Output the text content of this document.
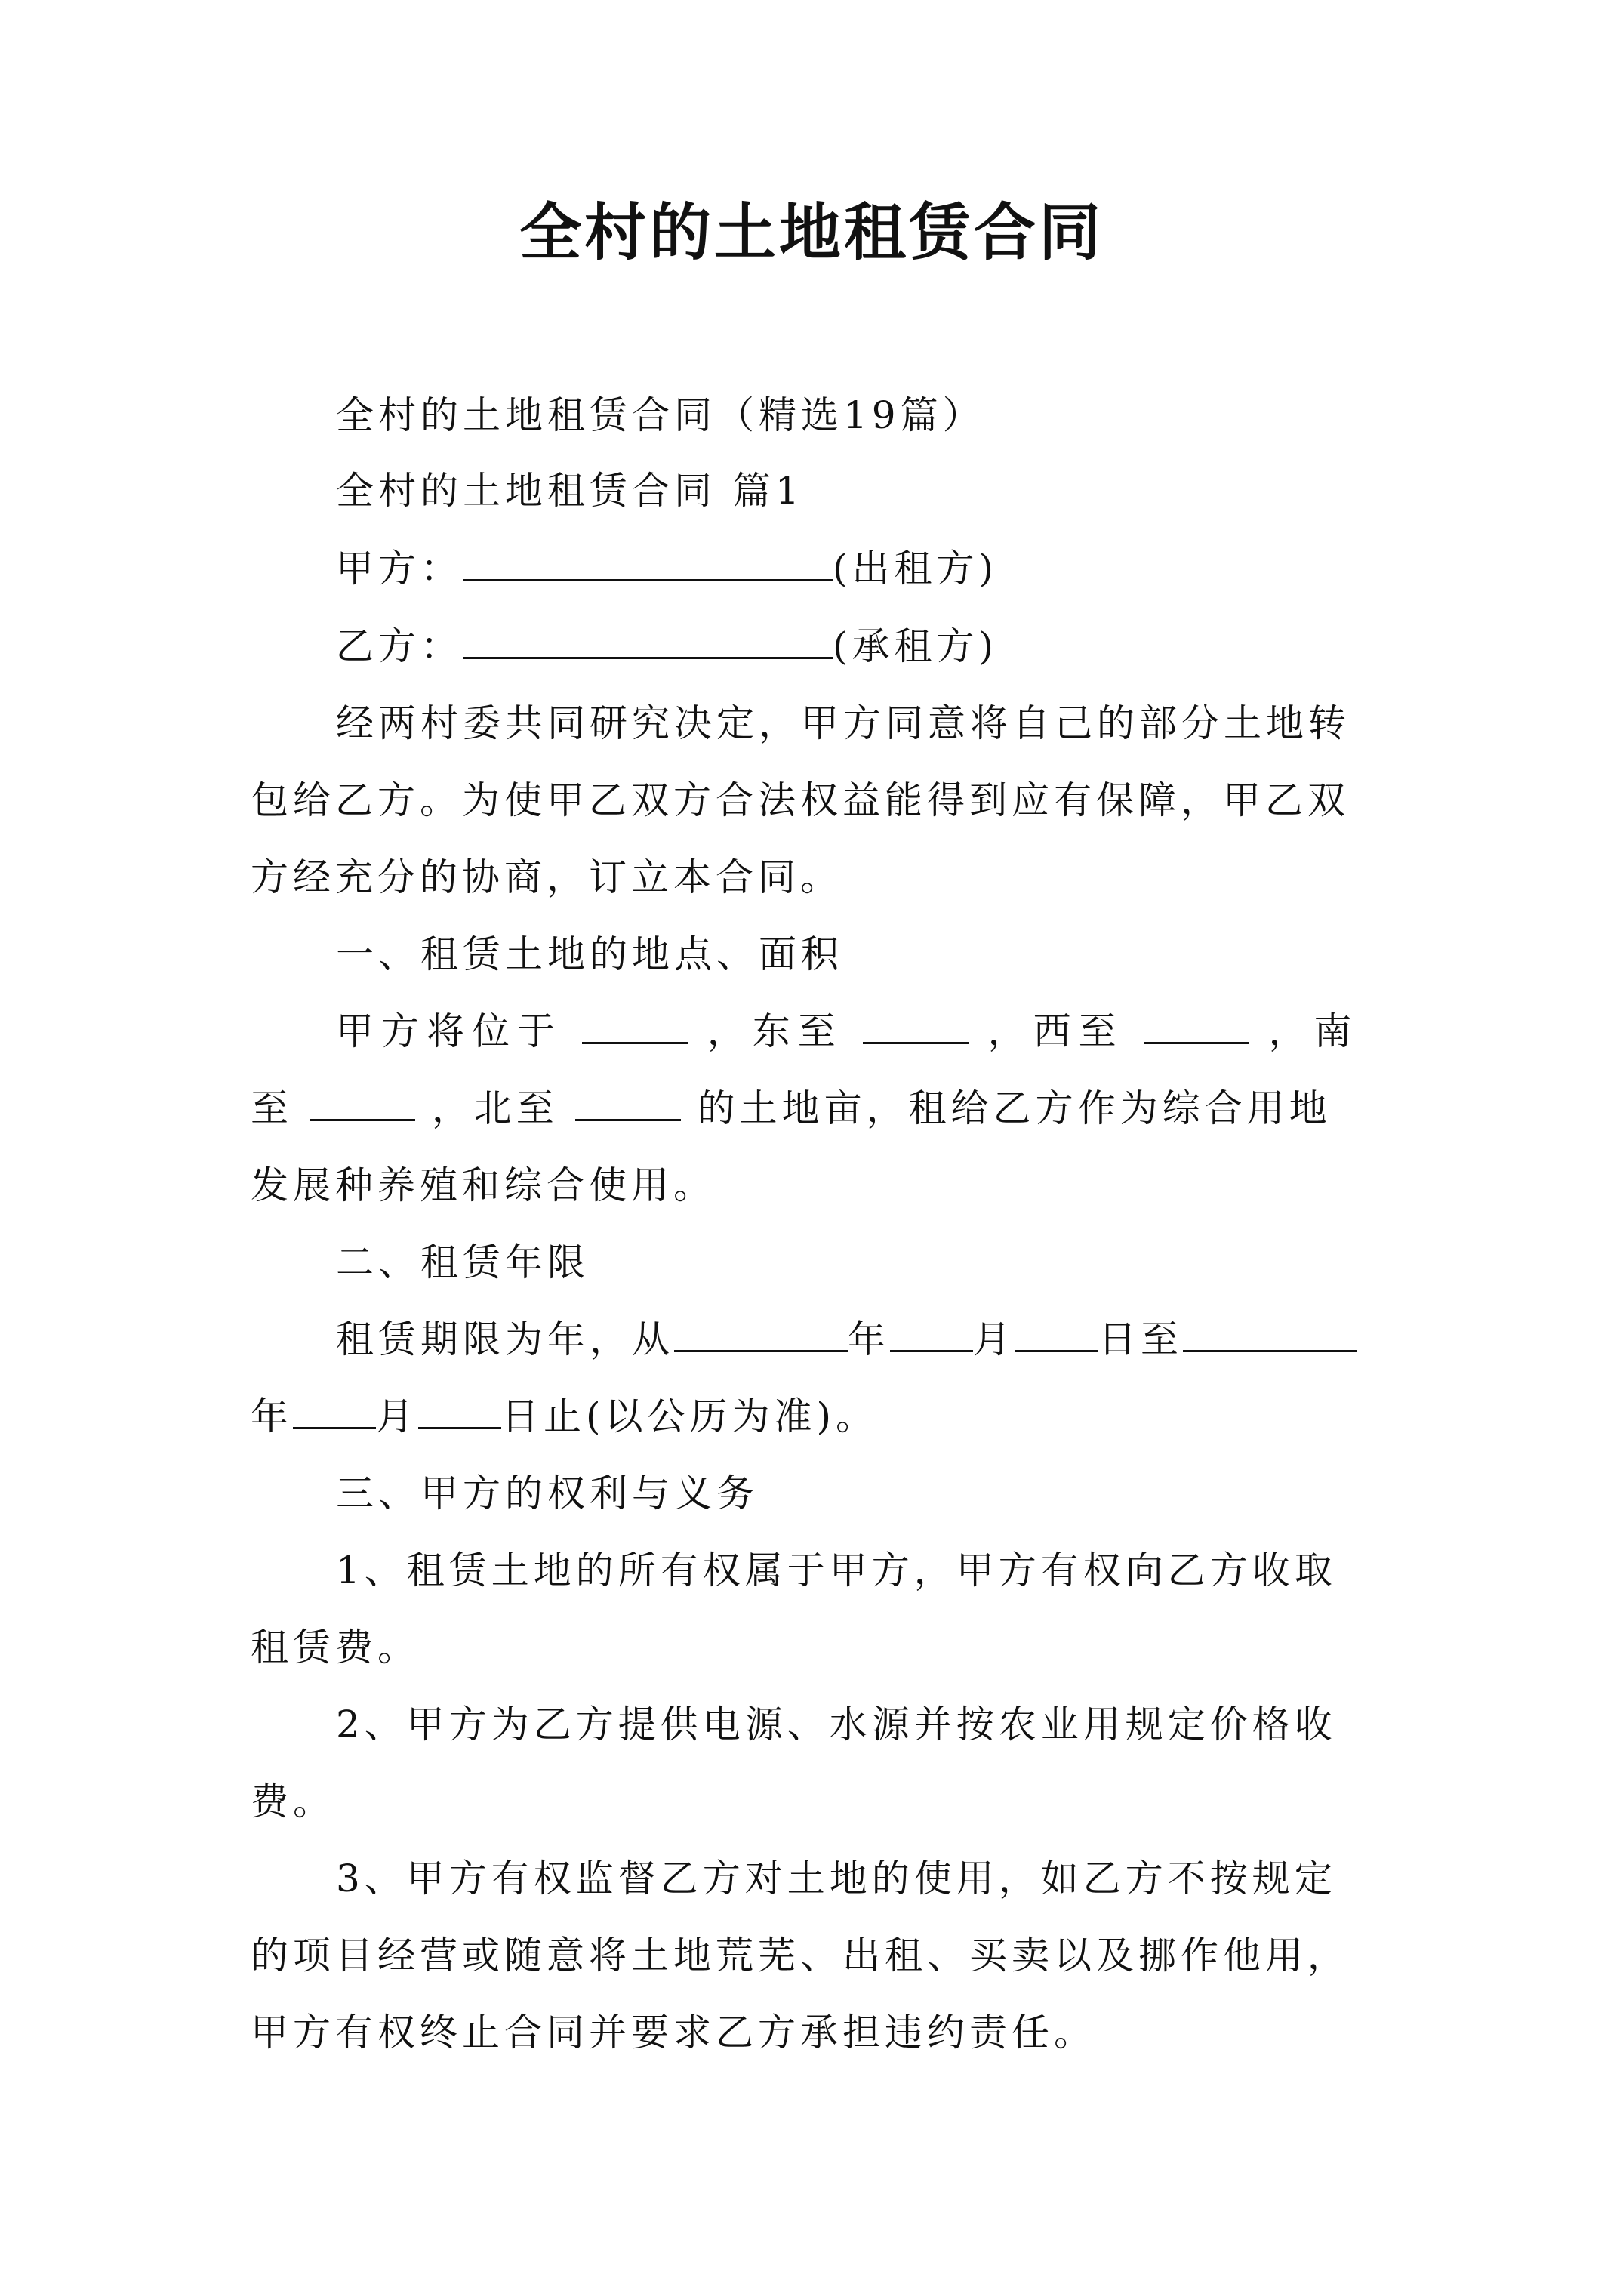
全村的土地租赁合同
全村的土地租赁合同（精选19篇）
全村的土地租赁合同 篇1
甲方：	(出租方)
乙方：	(承租方)
经两村委共同研究决定，甲方同意将自己的部分土地转
包给乙方。为使甲乙双方合法权益能得到应有保障，甲乙双
方经充分的协商，订立本合同。
一、租赁土地的地点、面积
甲方将位于	，东至	，西至	，南
至	，北至	的土地亩，租给乙方作为综合用地
发展种养殖和综合使用。
二、租赁年限
租赁期限为年，从	年 月 日至
年 月 日止(以公历为准)。
三、甲方的权利与义务
1、租赁土地的所有权属于甲方，甲方有权向乙方收取
租赁费。
2、甲方为乙方提供电源、水源并按农业用规定价格收
费。
3、甲方有权监督乙方对土地的使用，如乙方不按规定
的项目经营或随意将土地荒芜、出租、买卖以及挪作他用，
甲方有权终止合同并要求乙方承担违约责任。
